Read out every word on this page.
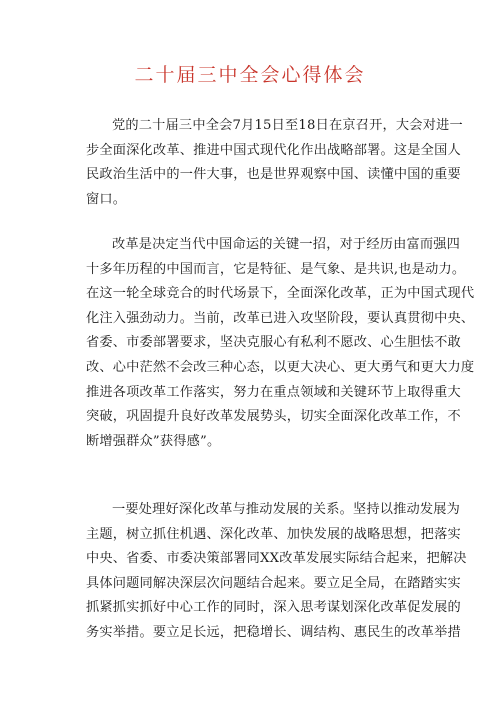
二十届三中全会心得体会
党的二十届三中全会7月15日至18日在京召开，大会对进一
步全面深化改革、推进中国式现代化作出战略部署。这是全国人
民政治生活中的一件大事，也是世界观察中国、读懂中国的重要
窗口。
改革是决定当代中国命运的关键一招，对于经历由富而强四
十多年历程的中国而言，它是特征、是气象、是共识,也是动力。
在这一轮全球竞合的时代场景下，全面深化改革，正为中国式现代
化注入强劲动力。当前，改革已进入攻坚阶段，要认真贯彻中央、
省委、市委部署要求，坚决克服心有私利不愿改、心生胆怯不敢
改、心中茫然不会改三种心态，以更大决心、更大勇气和更大力度
推进各项改革工作落实，努力在重点领域和关键环节上取得重大
突破，巩固提升良好改革发展势头，切实全面深化改革工作，不
断增强群众”获得感”。
一要处理好深化改革与推动发展的关系。坚持以推动发展为
主题，树立抓住机遇、深化改革、加快发展的战略思想，把落实
中央、省委、市委决策部署同XX改革发展实际结合起来，把解决
具体问题同解决深层次问题结合起来。要立足全局，在踏踏实实
抓紧抓实抓好中心工作的同时，深入思考谋划深化改革促发展的
务实举措。要立足长远，把稳增长、调结构、惠民生的改革举措
